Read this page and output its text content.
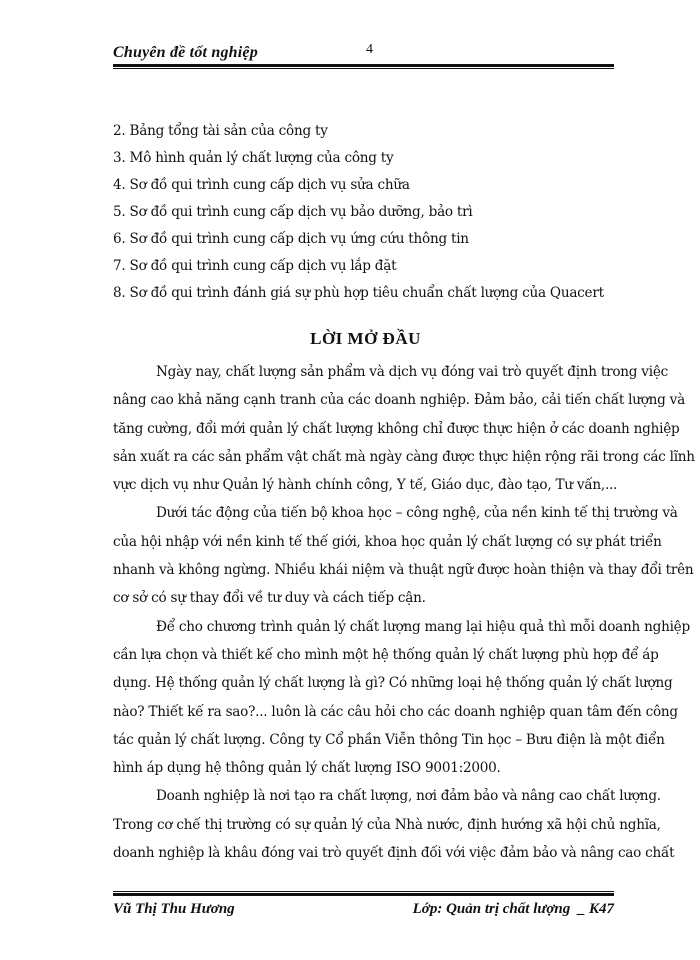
Chuyên đề tốt nghiệp	4
2. Bảng tổng tài sản của công ty
3. Mô hình quản lý chất lượng của công ty
4. Sơ đồ qui trình cung cấp dịch vụ sửa chữa
5. Sơ đồ qui trình cung cấp dịch vụ bảo dưỡng, bảo trì
6. Sơ đồ qui trình cung cấp dịch vụ ứng cứu thông tin
7. Sơ đồ qui trình cung cấp dịch vụ lắp đặt
8. Sơ đồ qui trình đánh giá sự phù hợp tiêu chuẩn chất lượng của Quacert
LỜI MỞ ĐẦU

Ngày nay, chất lượng sản phẩm và dịch vụ đóng vai trò quyết định trong việc
nâng cao khả năng cạnh tranh của các doanh nghiệp. Đảm bảo, cải tiến chất lượng và
tăng cường, đổi mới quản lý chất lượng không chỉ được thực hiện ở các doanh nghiệp
sản xuất ra các sản phẩm vật chất mà ngày càng được thực hiện rộng rãi trong các lĩnh
vực dịch vụ như Quản lý hành chính công, Y tế, Giáo dục, đào tạo, Tư vấn,...

Dưới tác động của tiến bộ khoa học – công nghệ, của nền kinh tế thị trường và
của hội nhập với nền kinh tế thế giới, khoa học quản lý chất lượng có sự phát triển
nhanh và không ngừng. Nhiều khái niệm và thuật ngữ được hoàn thiện và thay đổi trên
cơ sở có sự thay đổi về tư duy và cách tiếp cận.

Để cho chương trình quản lý chất lượng mang lại hiệu quả thì mỗi doanh nghiệp
cần lựa chọn và thiết kế cho mình một hệ thống quản lý chất lượng phù hợp để áp
dụng. Hệ thống quản lý chất lượng là gì? Có những loại hệ thống quản lý chất lượng
nào? Thiết kế ra sao?... luôn là các câu hỏi cho các doanh nghiệp quan tâm đến công
tác quản lý chất lượng. Công ty Cổ phần Viễn thông Tin học – Bưu điện là một điển
hình áp dụng hệ thông quản lý chất lượng ISO 9001:2000.

Doanh nghiệp là nơi tạo ra chất lượng, nơi đảm bảo và nâng cao chất lượng.
Trong cơ chế thị trường có sự quản lý của Nhà nước, định hướng xã hội chủ nghĩa,
doanh nghiệp là khâu đóng vai trò quyết định đối với việc đảm bảo và nâng cao chất

Vũ Thị Thu Hương	Lớp: Quản trị chất lượng  _ K47
